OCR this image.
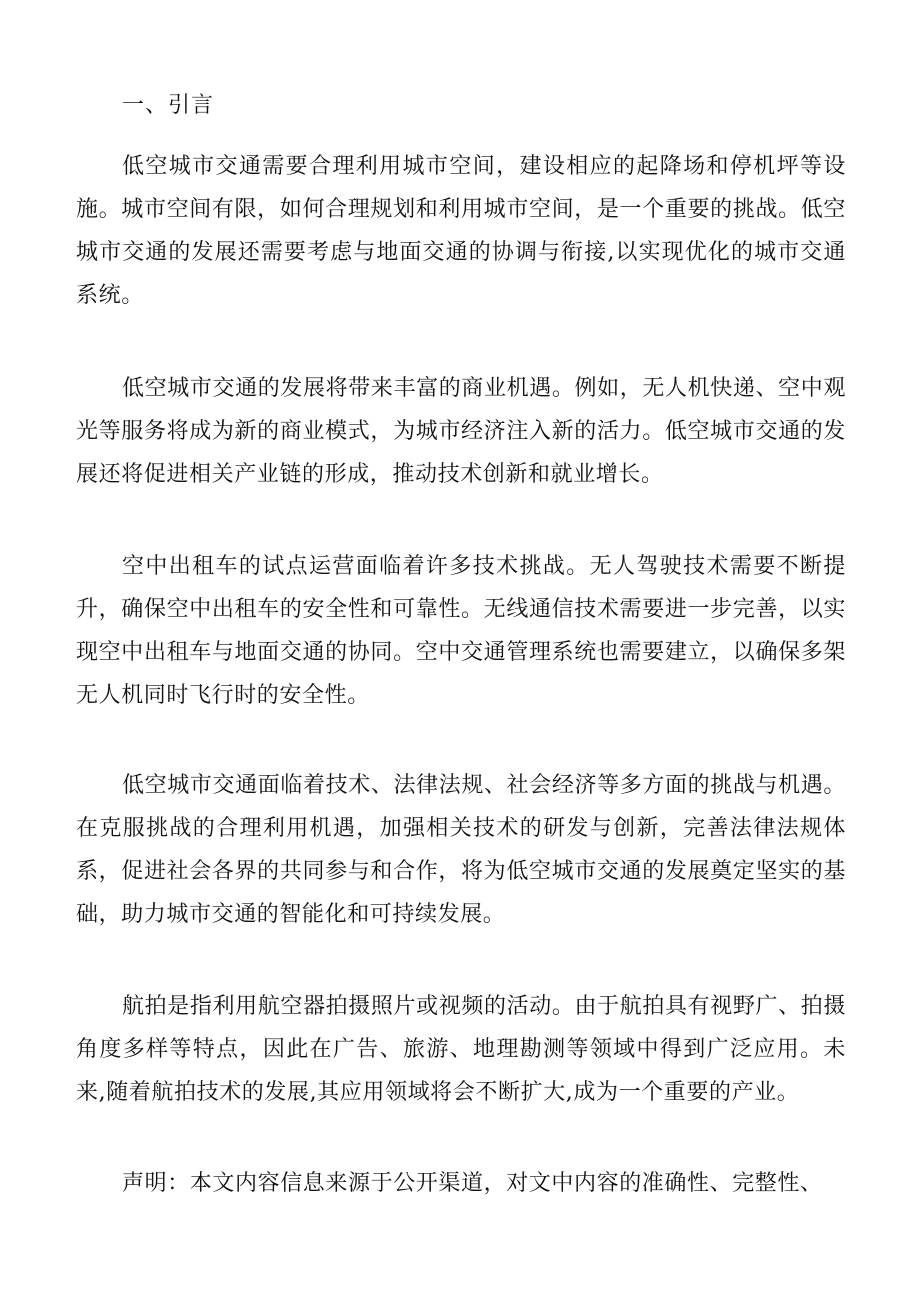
一、引言

低空城市交通需要合理利用城市空间，建设相应的起降场和停机坪等设施。城市空间有限，如何合理规划和利用城市空间，是一个重要的挑战。低空城市交通的发展还需要考虑与地面交通的协调与衔接,以实现优化的城市交通系统。

低空城市交通的发展将带来丰富的商业机遇。例如，无人机快递、空中观光等服务将成为新的商业模式，为城市经济注入新的活力。低空城市交通的发展还将促进相关产业链的形成，推动技术创新和就业增长。

空中出租车的试点运营面临着许多技术挑战。无人驾驶技术需要不断提升，确保空中出租车的安全性和可靠性。无线通信技术需要进一步完善，以实现空中出租车与地面交通的协同。空中交通管理系统也需要建立，以确保多架无人机同时飞行时的安全性。

低空城市交通面临着技术、法律法规、社会经济等多方面的挑战与机遇。在克服挑战的合理利用机遇，加强相关技术的研发与创新，完善法律法规体系，促进社会各界的共同参与和合作，将为低空城市交通的发展奠定坚实的基础，助力城市交通的智能化和可持续发展。

航拍是指利用航空器拍摄照片或视频的活动。由于航拍具有视野广、拍摄角度多样等特点，因此在广告、旅游、地理勘测等领域中得到广泛应用。未来,随着航拍技术的发展,其应用领域将会不断扩大,成为一个重要的产业。

声明：本文内容信息来源于公开渠道，对文中内容的准确性、完整性、
